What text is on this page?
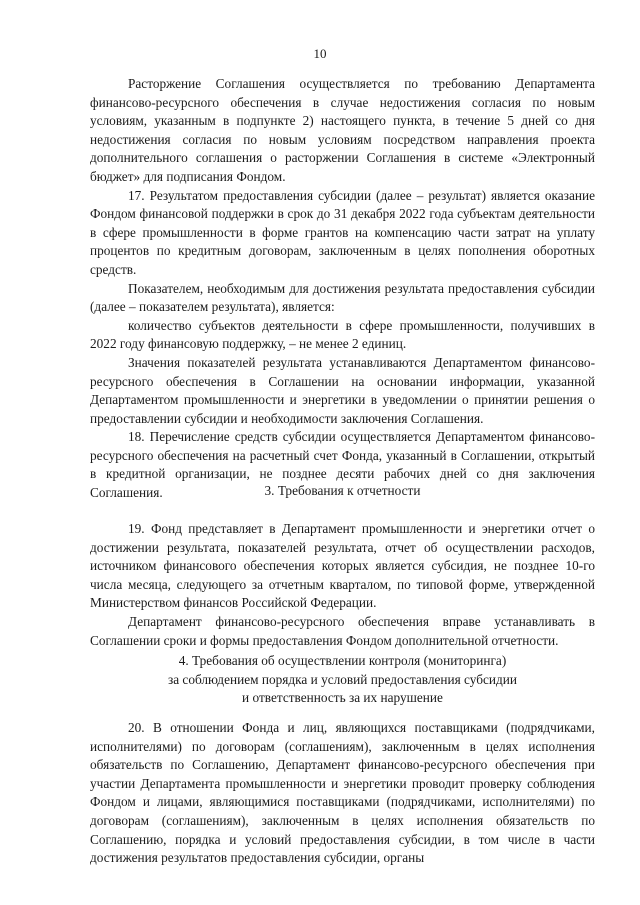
10

Расторжение Соглашения осуществляется по требованию Департамента финансово-ресурсного обеспечения в случае недостижения согласия по новым условиям, указанным в подпункте 2) настоящего пункта, в течение 5 дней со дня недостижения согласия по новым условиям посредством направления проекта дополнительного соглашения о расторжении Соглашения в системе «Электронный бюджет» для подписания Фондом.

17. Результатом предоставления субсидии (далее – результат) является оказание Фондом финансовой поддержки в срок до 31 декабря 2022 года субъектам деятельности в сфере промышленности в форме грантов на компенсацию части затрат на уплату процентов по кредитным договорам, заключенным в целях пополнения оборотных средств.

Показателем, необходимым для достижения результата предоставления субсидии (далее – показателем результата), является:

количество субъектов деятельности в сфере промышленности, получивших в 2022 году финансовую поддержку, – не менее 2 единиц.

Значения показателей результата устанавливаются Департаментом финансово-ресурсного обеспечения в Соглашении на основании информации, указанной Департаментом промышленности и энергетики в уведомлении о принятии решения о предоставлении субсидии и необходимости заключения Соглашения.

18. Перечисление средств субсидии осуществляется Департаментом финансово-ресурсного обеспечения на расчетный счет Фонда, указанный в Соглашении, открытый в кредитной организации, не позднее десяти рабочих дней со дня заключения Соглашения.	3. Требования к отчетности

19. Фонд представляет в Департамент промышленности и энергетики отчет о достижении результата, показателей результата, отчет об осуществлении расходов, источником финансового обеспечения которых является субсидия, не позднее 10-го числа месяца, следующего за отчетным кварталом, по типовой форме, утвержденной Министерством финансов Российской Федерации.

Департамент финансово-ресурсного обеспечения вправе устанавливать в Соглашении сроки и формы предоставления Фондом дополнительной отчетности.

4. Требования об осуществлении контроля (мониторинга)
за соблюдением порядка и условий предоставления субсидии
и ответственность за их нарушение

20. В отношении Фонда и лиц, являющихся поставщиками (подрядчиками, исполнителями) по договорам (соглашениям), заключенным в целях исполнения обязательств по Соглашению, Департамент финансово-ресурсного обеспечения при участии Департамента промышленности и энергетики проводит проверку соблюдения Фондом и лицами, являющимися поставщиками (подрядчиками, исполнителями) по договорам (соглашениям), заключенным в целях исполнения обязательств по Соглашению, порядка и условий предоставления субсидии, в том числе в части достижения результатов предоставления субсидии, органы
